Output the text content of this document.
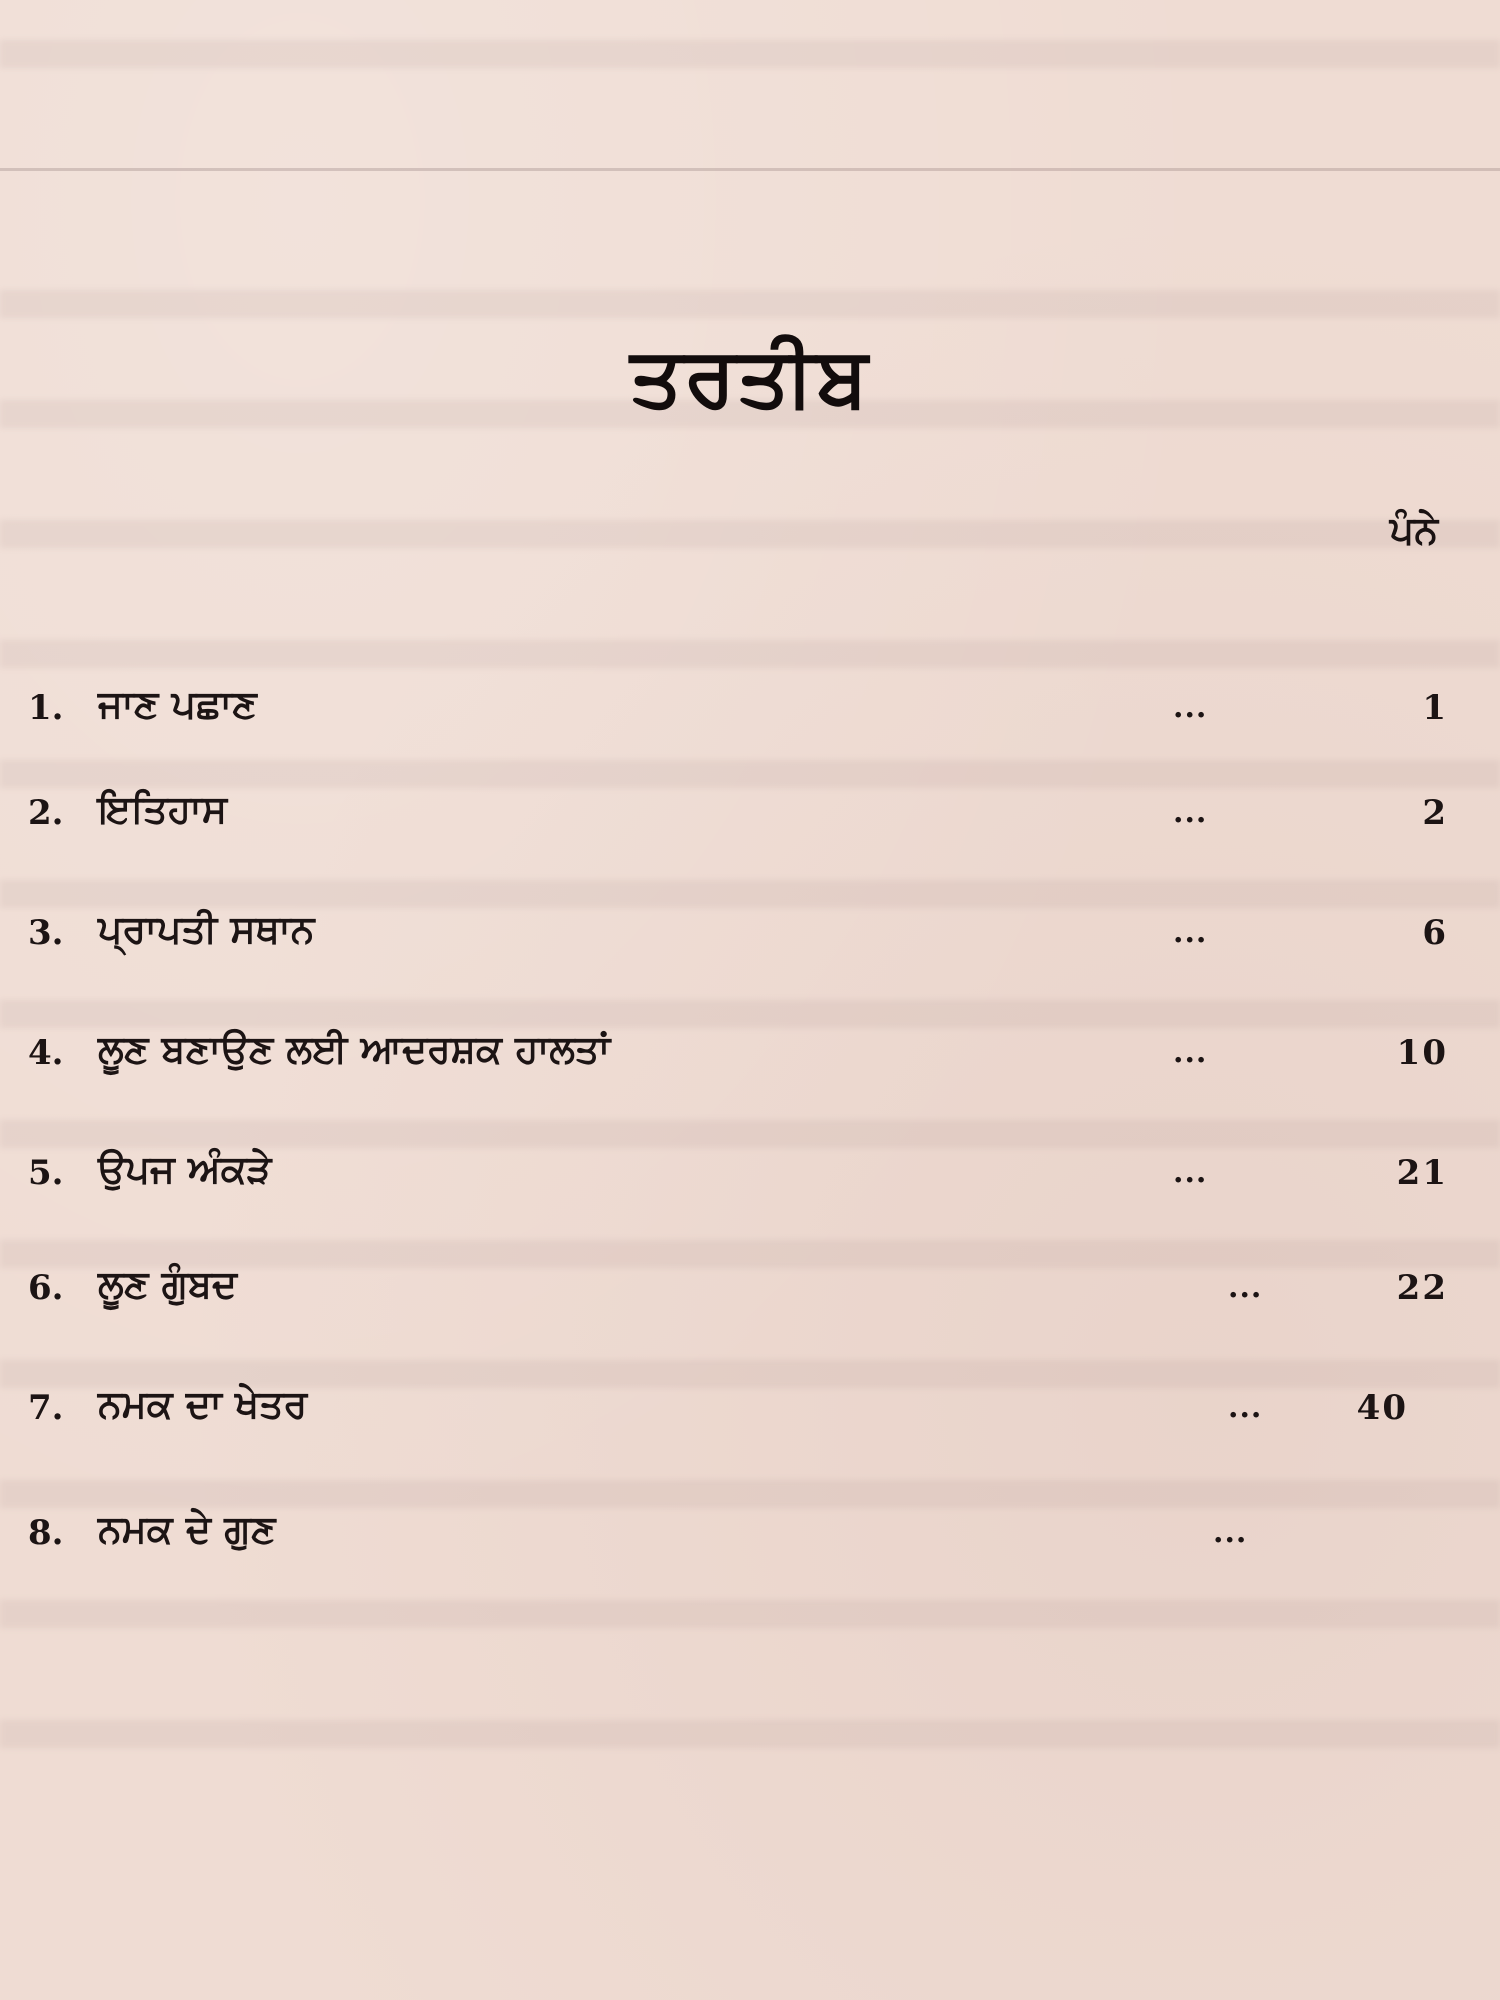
ਤਰਤੀਬ
ਪੰਨੇ
1. ਜਾਣ ਪਛਾਣ	...	1
2. ਇਤਿਹਾਸ	...	2
3. ਪ੍ਰਾਪਤੀ ਸਥਾਨ	...	6
4. ਲੂਣ ਬਣਾਉਣ ਲਈ ਆਦਰਸ਼ਕ ਹਾਲਤਾਂ	...	10
5. ਉਪਜ ਅੰਕੜੇ	...	21
6. ਲੂਣ ਗੁੰਬਦ	...	22
7. ਨਮਕ ਦਾ ਖੇਤਰ	...	40
8. ਨਮਕ ਦੇ ਗੁਣ	...
